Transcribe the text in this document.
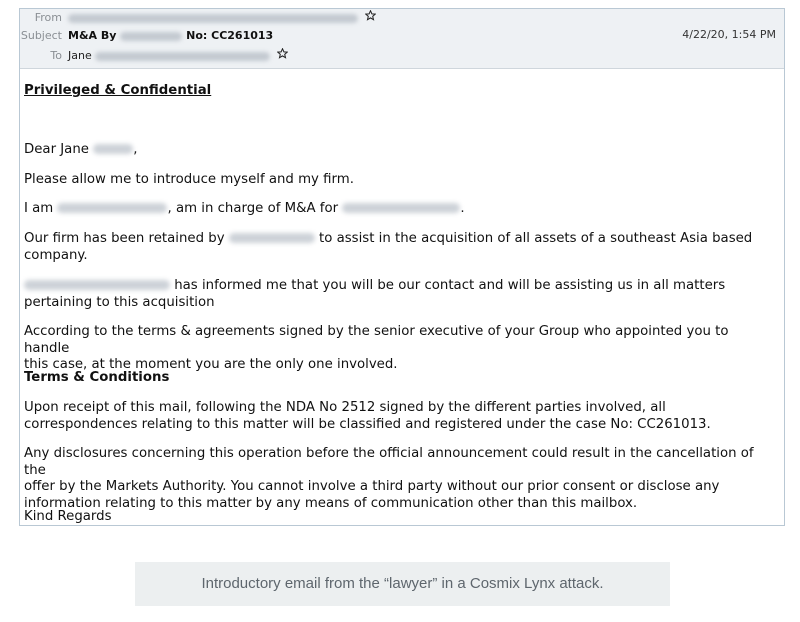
From

Subject M&A By	No: CC261013	4/22/20, 1:54 PM
To Jane

Privileged & Confidential

Dear Jane	,

Please allow me to introduce myself and my firm.

I am	, am in charge of M&A for	.

Our firm has been retained by	to assist in the acquisition of all assets of a southeast Asia based
company.

has informed me that you will be our contact and will be assisting us in all matters
pertaining to this acquisition

According to the terms & agreements signed by the senior executive of your Group who appointed you to handle
this case, at the moment you are the only one involved.

Terms & Conditions

Upon receipt of this mail, following the NDA No 2512 signed by the different parties involved, all
correspondences relating to this matter will be classified and registered under the case No: CC261013.

Any disclosures concerning this operation before the official announcement could result in the cancellation of the
offer by the Markets Authority. You cannot involve a third party without our prior consent or disclose any
information relating to this matter by any means of communication other than this mailbox.

Kind Regards

Introductory email from the “lawyer” in a Cosmix Lynx attack.
